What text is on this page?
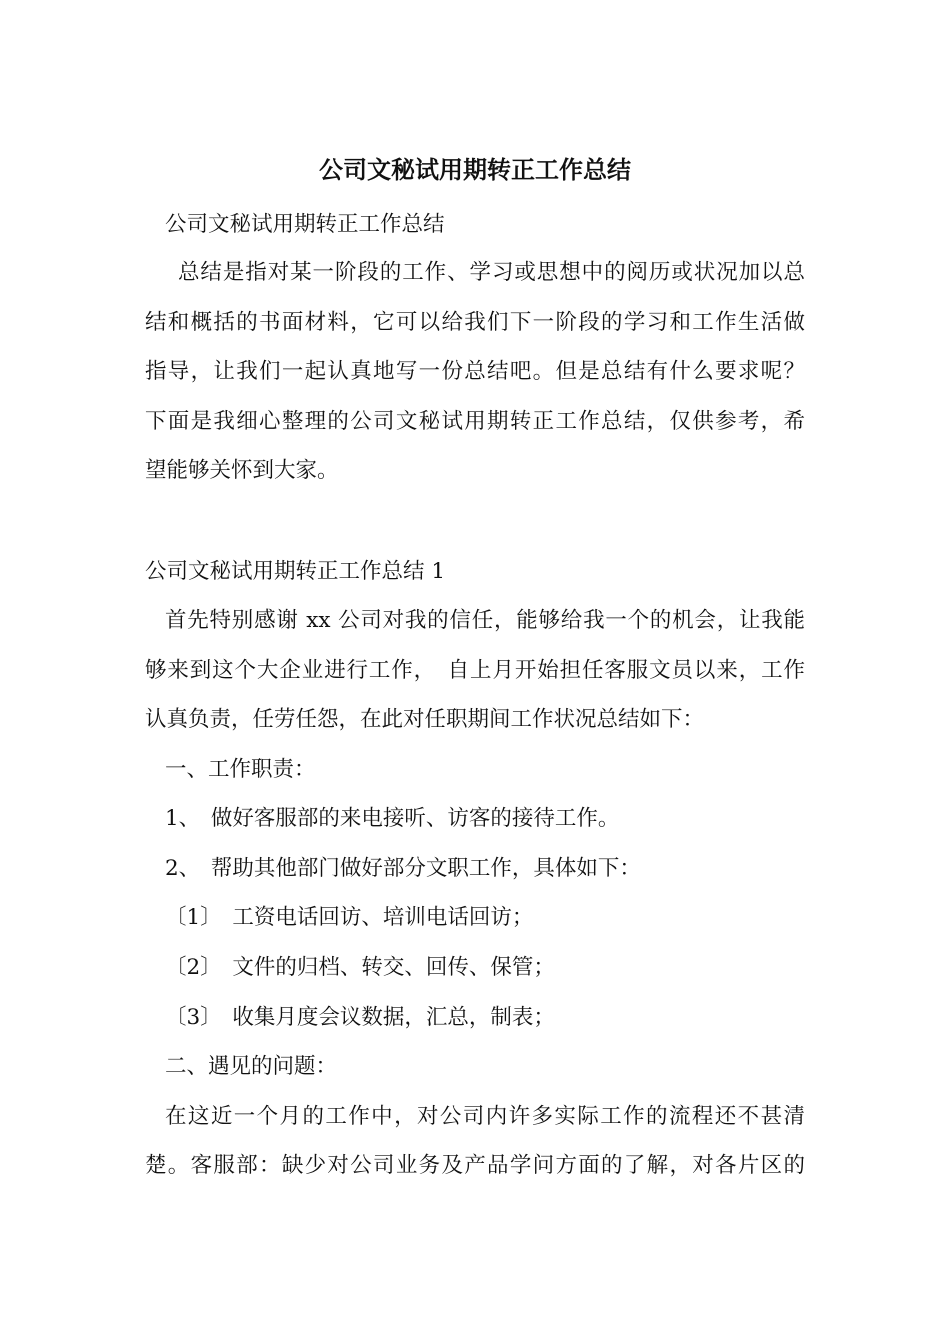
公司文秘试用期转正工作总结
公司文秘试用期转正工作总结
总结是指对某一阶段的工作、学习或思想中的阅历或状况加以总
结和概括的书面材料，它可以给我们下一阶段的学习和工作生活做
指导，让我们一起认真地写一份总结吧。但是总结有什么要求呢？
下面是我细心整理的公司文秘试用期转正工作总结，仅供参考，希
望能够关怀到大家。
公司文秘试用期转正工作总结 1
首先特别感谢 xx 公司对我的信任，能够给我一个的机会，让我能
够来到这个大企业进行工作，　自上月开始担任客服文员以来，工作
认真负责，任劳任怨，在此对任职期间工作状况总结如下：
一、工作职责：
1、　做好客服部的来电接听、访客的接待工作。
2、　帮助其他部门做好部分文职工作，具体如下：
〔1〕　工资电话回访、培训电话回访；
〔2〕　文件的归档、转交、回传、保管；
〔3〕　收集月度会议数据，汇总，制表；
二、遇见的问题：
在这近一个月的工作中，对公司内许多实际工作的流程还不甚清
楚。客服部：缺少对公司业务及产品学问方面的了解，对各片区的
